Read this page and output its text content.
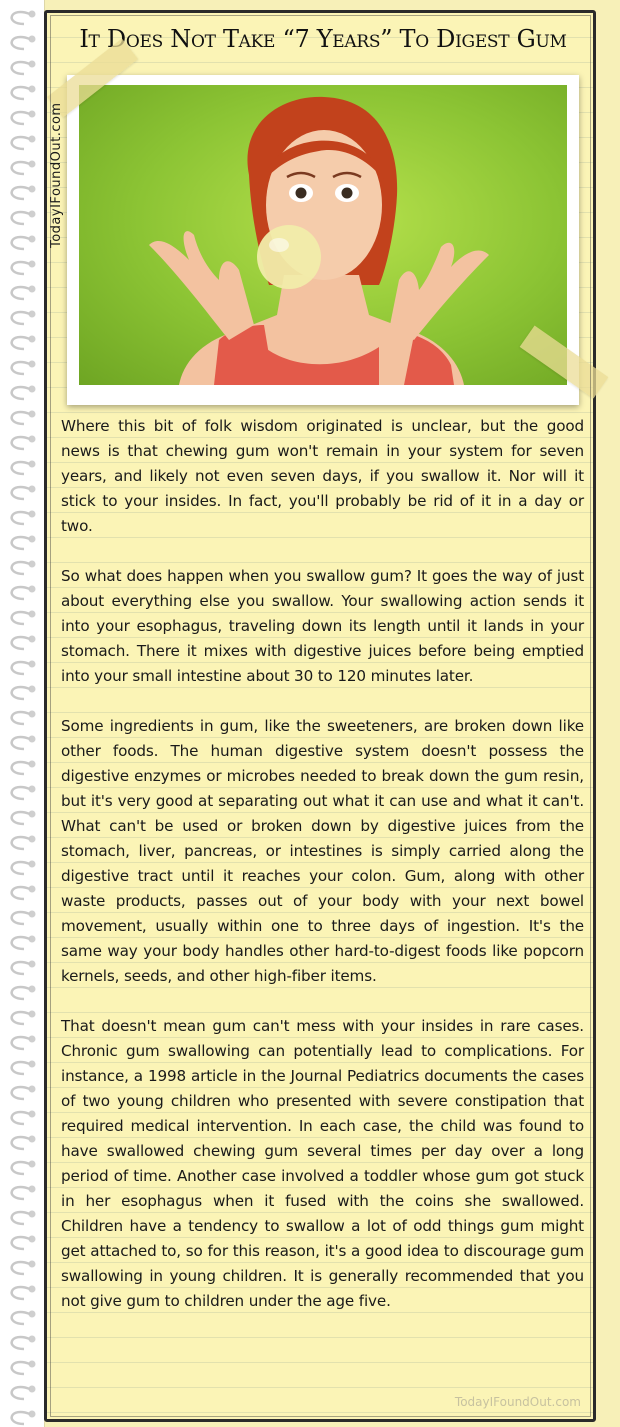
It Does Not Take “7 Years” To Digest Gum
TodayIFoundOut.com

Where this bit of folk wisdom originated is unclear, but the good news is that chewing gum won't remain in your system for seven years, and likely not even seven days, if you swallow it. Nor will it stick to your insides. In fact, you'll probably be rid of it in a day or two.

So what does happen when you swallow gum? It goes the way of just about everything else you swallow. Your swallowing action sends it into your esophagus, traveling down its length until it lands in your stomach. There it mixes with digestive juices before being emptied into your small intestine about 30 to 120 minutes later.

Some ingredients in gum, like the sweeteners, are broken down like other foods. The human digestive system doesn't possess the digestive enzymes or microbes needed to break down the gum resin, but it's very good at separating out what it can use and what it can't. What can't be used or broken down by digestive juices from the stomach, liver, pancreas, or intestines is simply carried along the digestive tract until it reaches your colon. Gum, along with other waste products, passes out of your body with your next bowel movement, usually within one to three days of ingestion. It's the same way your body handles other hard-to-digest foods like popcorn kernels, seeds, and other high-fiber items.

That doesn't mean gum can't mess with your insides in rare cases. Chronic gum swallowing can potentially lead to complications. For instance, a 1998 article in the Journal Pediatrics documents the cases of two young children who presented with severe constipation that required medical intervention. In each case, the child was found to have swallowed chewing gum several times per day over a long period of time. Another case involved a toddler whose gum got stuck in her esophagus when it fused with the coins she swallowed. Children have a tendency to swallow a lot of odd things gum might get attached to, so for this reason, it's a good idea to discourage gum swallowing in young children. It is generally recommended that you not give gum to children under the age five.

TodayIFoundOut.com
